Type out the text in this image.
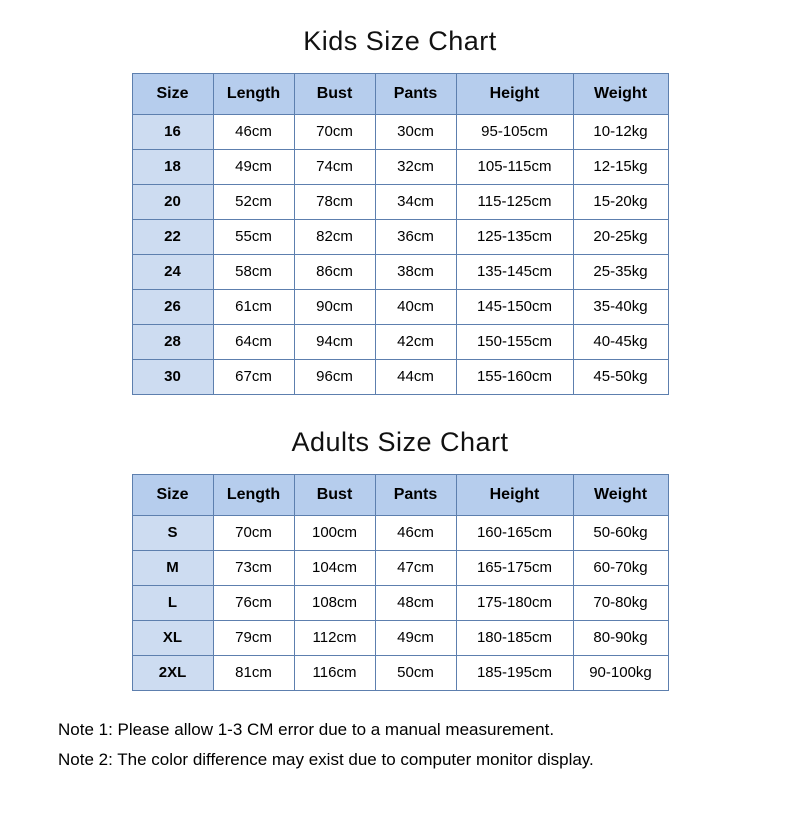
Kids Size Chart
Size	Length	Bust	Pants	Height	Weight
16	46cm	70cm	30cm	95-105cm	10-12kg
18	49cm	74cm	32cm	105-115cm	12-15kg
20	52cm	78cm	34cm	115-125cm	15-20kg
22	55cm	82cm	36cm	125-135cm	20-25kg
24	58cm	86cm	38cm	135-145cm	25-35kg
26	61cm	90cm	40cm	145-150cm	35-40kg
28	64cm	94cm	42cm	150-155cm	40-45kg
30	67cm	96cm	44cm	155-160cm	45-50kg
Adults Size Chart
Size	Length	Bust	Pants	Height	Weight
S	70cm	100cm	46cm	160-165cm	50-60kg
M	73cm	104cm	47cm	165-175cm	60-70kg
L	76cm	108cm	48cm	175-180cm	70-80kg
XL	79cm	112cm	49cm	180-185cm	80-90kg
2XL	81cm	116cm	50cm	185-195cm	90-100kg
Note 1: Please allow 1-3 CM error due to a manual measurement.
Note 2: The color difference may exist due to computer monitor display.
